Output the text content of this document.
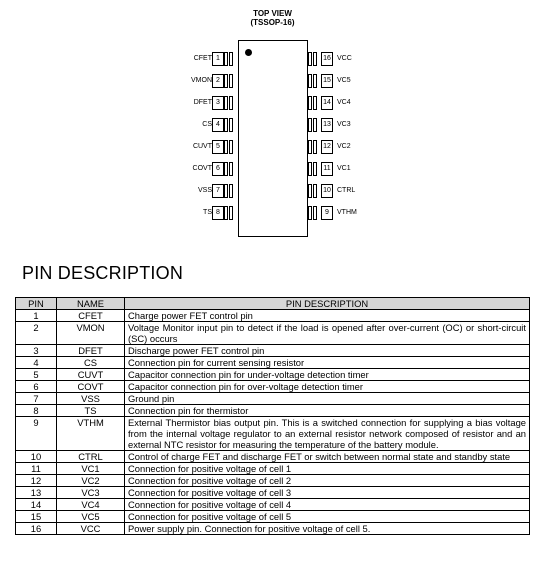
TOP VIEW
(TSSOP-16)
CFET 1
VMON 2
DFET 3
CS 4
CUVT 5
COVT 6
VSS 7
TS 8
VCC
16
VC5
15
VC4
14
VC3
13
VC2
12
VC1
11
CTRL
10
VTHM
9
PIN DESCRIPTION
PIN	NAME	PIN DESCRIPTION
1	CFET	Charge power FET control pin
2	VMON	Voltage Monitor input pin to detect if the load is opened after over-current (OC) or short-circuit (SC) occurs
3	DFET	Discharge power FET control pin
4	CS	Connection pin for current sensing resistor
5	CUVT	Capacitor connection pin for under-voltage detection timer
6	COVT	Capacitor connection pin for over-voltage detection timer
7	VSS	Ground pin
8	TS	Connection pin for thermistor
9	VTHM	External Thermistor bias output pin. This is a switched connection for supplying a bias voltage from the internal voltage regulator to an external resistor network composed of resistor and an external NTC resistor for measuring the temperature of the battery module.
10	CTRL	Control of charge FET and discharge FET or switch between normal state and standby state
11	VC1	Connection for positive voltage of cell 1
12	VC2	Connection for positive voltage of cell 2
13	VC3	Connection for positive voltage of cell 3
14	VC4	Connection for positive voltage of cell 4
15	VC5	Connection for positive voltage of cell 5
16	VCC	Power supply pin. Connection for positive voltage of cell 5.
